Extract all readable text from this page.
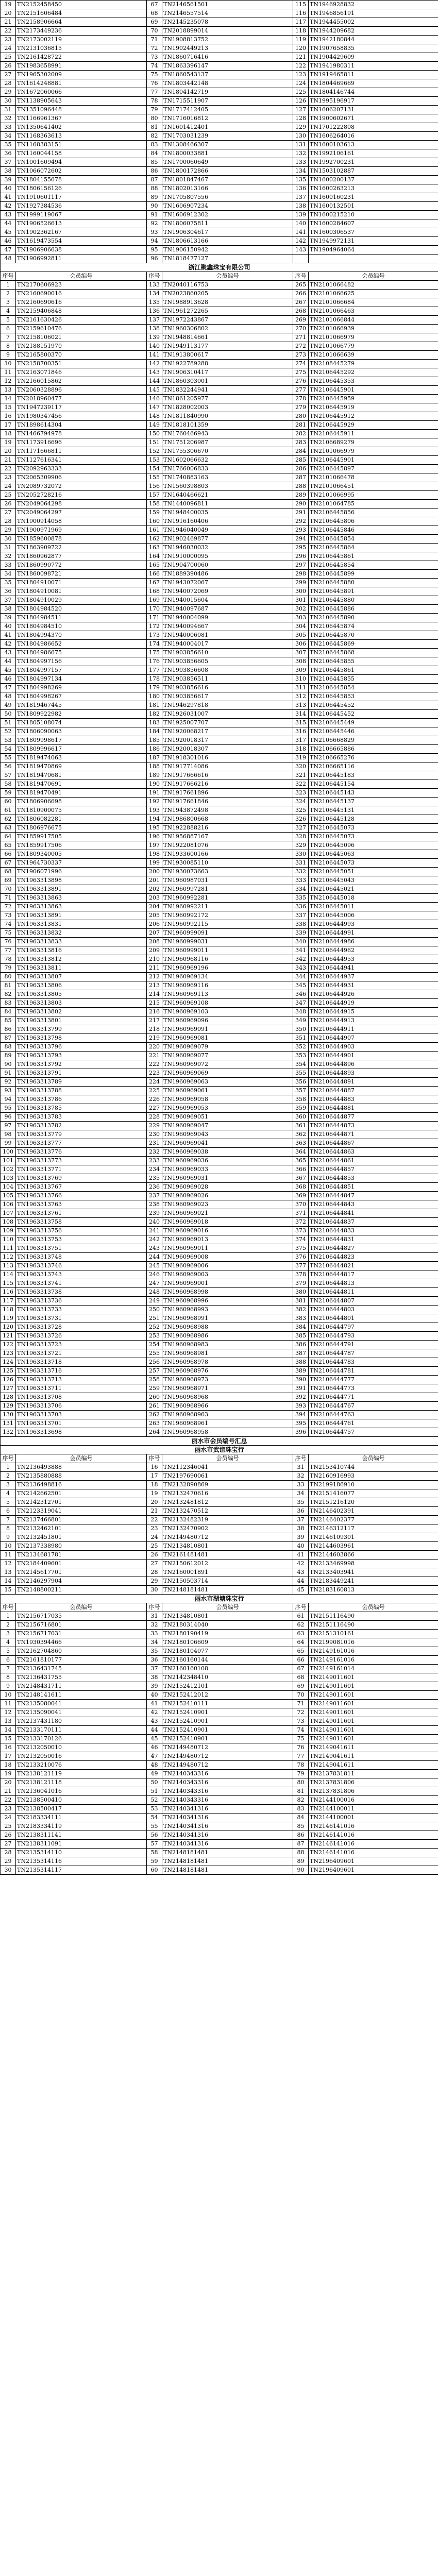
19	TN2152458450	67	TN2146561501	115	TN1946928832
20	TN2151606484	68	TN2146557514	116	TN1946856191
21	TN2158906664	69	TN2145235078	117	TN1944455002
22	TN2173449236	70	TN2018899014	118	TN1944209682
23	TN2173002119	71	TN1908813752	119	TN1942180844
24	TN2131036815	72	TN1902449213	120	TN1907658835
25	TN2161428722	73	TN1860716416	121	TN1904429609
26	TN1983658991	74	TN1863396147	122	TN1941980311
27	TN1965302009	75	TN1860543137	123	TN1919465811
28	TN1614248881	76	TN1803442148	124	TN1804469669
29	TN1672060066	77	TN1804142719	125	TN1804146744
30	TN1138905643	78	TN1715511907	126	TN1995196917
31	TN1351096448	79	TN1717412405	127	TN1606207131
32	TN1166961367	80	TN1716016812	128	TN1900602671
33	TN1350641402	81	TN1601412401	129	TN1701222808
34	TN1168363613	82	TN1703031239	130	TN1606264016
35	TN1168383151	83	TN1308466307	131	TN1600103613
36	TN1160044158	84	TN1800033881	132	TN1992106161
37	TN1001609494	85	TN1700060649	133	TN1992700231
38	TN1066072602	86	TN1800172866	134	TN1503102887
39	TN1804155678	87	TN1801847467	135	TN1600200137
40	TN1806156126	88	TN1802013166	136	TN1600263213
41	TN1910601117	89	TN1705807556	137	TN1600160231
42	TN1927384536	90	TN1606907234	138	TN1600132501
43	TN1999119067	91	TN1606912302	139	TN1600215210
44	TN1906526613	92	TN1806075811	140	TN1600284607
45	TN1902362167	93	TN1906304617	141	TN1600306537
46	TN1619473554	94	TN1806613166	142	TN1949972131
47	TN1906906638	95	TN1906150942	143	TN1904964064
48	TN1906992811	96	TN1818477127		
浙江聚鑫珠宝有限公司					
序号	会员编号	序号	会员编号	序号	会员编号
1	TN2170606923	133	TN2040116753	265	TN2101066482
2	TN2160690016	134	TN2023860205	266	TN2101066625
3	TN2160690616	135	TN1988913628	267	TN2101066684
4	TN2159406848	136	TN1961272265	268	TN2101066463
5	TN2161630426	137	TN1972243867	269	TN2101066844
6	TN2159610476	138	TN1960306802	270	TN2101066939
7	TN2158106021	139	TN1948814661	271	TN2101066979
8	TN2188151970	140	TN1949113177	272	TN2101066779
9	TN2165800370	141	TN1913800617	273	TN2101066639
10	TN2158700351	142	TN1922789288	274	TN2108445279
11	TN2163071846	143	TN1906310417	275	TN2106445292
12	TN2166015862	144	TN1860303001	276	TN2106445353
13	TN2060328896	145	TN1832244941	277	TN2106445901
14	TN2018960477	146	TN1861205977	278	TN2106445959
15	TN1947239117	147	TN1828002003	279	TN2106445919
16	TN1980347456	148	TN1811840990	280	TN2106445912
17	TN1898614304	149	TN1818101359	281	TN2106445929
18	TN1466794978	150	TN1760466943	282	TN2106445911
19	TN1173916696	151	TN1751206987	283	TN2106689279
20	TN1171666811	152	TN1755306670	284	TN2101066979
21	TN1127616341	153	TN1602066632	285	TN2106445901
22	TN2092963333	154	TN1766006833	286	TN2106445897
23	TN2065309906	155	TN1740883163	287	TN2101066478
24	TN2089732072	156	TN1560398803	288	TN2101066451
25	TN2052728216	157	TN1640466621	289	TN2101066995
26	TN2049064298	158	TN1440096811	290	TN2101064785
27	TN2049064297	159	TN1948400035	291	TN2106445856
28	TN1900914058	160	TN1916160406	292	TN2106445806
29	TN1900971969	161	TN1946040049	293	TN2106445846
30	TN1859600878	162	TN1902469877	294	TN2106445854
31	TN1863909722	163	TN1946030032	295	TN2106445864
32	TN1860962877	164	TN1910000095	296	TN2106445861
33	TN1860990772	165	TN1904700060	297	TN2106445854
34	TN1860098721	166	TN1889390486	298	TN2106445899
35	TN1804910071	167	TN1943072067	299	TN2106445880
36	TN1804910081	168	TN1940072069	300	TN2106445891
37	TN1804910029	169	TN1940015604	301	TN2106445880
38	TN1804984520	170	TN1940097687	302	TN2106445886
39	TN1804984511	171	TN1940004099	303	TN2106445890
40	TN1804984510	172	TN1940094667	304	TN2106445874
41	TN1804994370	173	TN1940006081	305	TN2106445870
42	TN1804986652	174	TN1940004017	306	TN2106445869
43	TN1804986675	175	TN1903856610	307	TN2106445868
44	TN1804997156	176	TN1903856605	308	TN2106445855
45	TN1804997157	177	TN1903856608	309	TN2106445861
46	TN1804997134	178	TN1903856511	310	TN2106445855
47	TN1804998269	179	TN1903856616	311	TN2106445854
48	TN1804998267	180	TN1903856617	312	TN2106445853
49	TN1819467445	181	TN1946297818	313	TN2106445452
50	TN1809922982	182	TN1926031007	314	TN2106445452
51	TN1805108074	183	TN1925007707	315	TN2106445449
52	TN1806090063	184	TN1920068217	316	TN2106445446
53	TN1809998617	185	TN1920018317	317	TN2106668829
54	TN1809996617	186	TN1920018307	318	TN2106665886
55	TN1819474063	187	TN1918301016	319	TN2106665276
56	TN1819470869	188	TN1917714086	320	TN2106665116
57	TN1819470681	189	TN1917666616	321	TN2106445183
58	TN1819470691	190	TN1917666216	322	TN2106445154
59	TN1819470491	191	TN1917661896	323	TN2106445143
60	TN1806906698	192	TN1917661846	324	TN2106445137
61	TN1810900075	193	TN1943872498	325	TN2106445131
62	TN1806082281	194	TN1986800668	326	TN2106445128
63	TN1806976675	195	TN1922888216	327	TN2106445073
64	TN1859917505	196	TN1956887167	328	TN2106445073
65	TN1859917506	197	TN1922081076	329	TN2106445096
66	TN1809340005	198	TN1933600166	330	TN2106445063
67	TN1964730337	199	TN1930085110	331	TN2106445073
68	TN1906071996	200	TN1930073663	332	TN2106445051
69	TN1963313898	201	TN1960987031	333	TN2106445043
70	TN1963313891	202	TN1960997281	334	TN2106445021
71	TN1963313863	203	TN1960992281	335	TN2106445018
72	TN1963313863	204	TN1960992211	336	TN2106445011
73	TN1963313891	205	TN1960992172	337	TN2106445006
74	TN1963313831	206	TN1960992115	338	TN2106444993
75	TN1963313832	207	TN1960999091	339	TN2106444991
76	TN1963313833	208	TN1960999031	340	TN2106444986
77	TN1963313816	209	TN1960999011	341	TN2106444962
78	TN1963313812	210	TN1960968116	342	TN2106444953
79	TN1963313811	211	TN1960969196	343	TN2106444941
80	TN1963313807	212	TN1960969134	344	TN2106444937
81	TN1963313806	213	TN1960969116	345	TN2106444931
82	TN1963313805	214	TN1960969113	346	TN2106444926
83	TN1963313803	215	TN1960969108	347	TN2106444919
84	TN1963313802	216	TN1960969103	348	TN2106444915
85	TN1963313801	217	TN1960969096	349	TN2106444913
86	TN1963313799	218	TN1960969091	350	TN2106444911
87	TN1963313798	219	TN1960969081	351	TN2106444907
88	TN1963313796	220	TN1960969079	352	TN2106444903
89	TN1963313793	221	TN1960969077	353	TN2106444901
90	TN1963313792	222	TN1960969072	354	TN2106444896
91	TN1963313791	223	TN1960969069	355	TN2106444893
92	TN1963313789	224	TN1960969063	356	TN2106444891
93	TN1963313788	225	TN1960969061	357	TN2106444887
94	TN1963313786	226	TN1960969058	358	TN2106444883
95	TN1963313785	227	TN1960969053	359	TN2106444881
96	TN1963313783	228	TN1960969051	360	TN2106444877
97	TN1963313782	229	TN1960969047	361	TN2106444873
98	TN1963313779	230	TN1960969043	362	TN2106444871
99	TN1963313777	231	TN1960969041	363	TN2106444867
100	TN1963313776	232	TN1960969038	364	TN2106444863
101	TN1963313773	233	TN1960969036	365	TN2106444861
102	TN1963313771	234	TN1960969033	366	TN2106444857
103	TN1963313769	235	TN1960969031	367	TN2106444853
104	TN1963313767	236	TN1960969028	368	TN2106444851
105	TN1963313766	237	TN1960969026	369	TN2106444847
106	TN1963313763	238	TN1960969023	370	TN2106444843
107	TN1963313761	239	TN1960969021	371	TN2106444841
108	TN1963313758	240	TN1960969018	372	TN2106444837
109	TN1963313756	241	TN1960969016	373	TN2106444833
110	TN1963313753	242	TN1960969013	374	TN2106444831
111	TN1963313751	243	TN1960969011	375	TN2106444827
112	TN1963313748	244	TN1960969008	376	TN2106444823
113	TN1963313746	245	TN1960969006	377	TN2106444821
114	TN1963313743	246	TN1960969003	378	TN2106444817
115	TN1963313741	247	TN1960969001	379	TN2106444813
116	TN1963313738	248	TN1960968998	380	TN2106444811
117	TN1963313736	249	TN1960968996	381	TN2106444807
118	TN1963313733	250	TN1960968993	382	TN2106444803
119	TN1963313731	251	TN1960968991	383	TN2106444801
120	TN1963313728	252	TN1960968988	384	TN2106444797
121	TN1963313726	253	TN1960968986	385	TN2106444793
122	TN1963313723	254	TN1960968983	386	TN2106444791
123	TN1963313721	255	TN1960968981	387	TN2106444787
124	TN1963313718	256	TN1960968978	388	TN2106444783
125	TN1963313716	257	TN1960968976	389	TN2106444781
126	TN1963313713	258	TN1960968973	390	TN2106444777
127	TN1963313711	259	TN1960968971	391	TN2106444773
128	TN1963313708	260	TN1960968968	392	TN2106444771
129	TN1963313706	261	TN1960968966	393	TN2106444767
130	TN1963313703	262	TN1960968963	394	TN2106444763
131	TN1963313701	263	TN1960968961	395	TN2106444761
132	TN1963313698	264	TN1960968958	396	TN2106444757
丽水市会员编号汇总					
丽水市武谊珠宝行					
序号	会员编号	序号	会员编号	序号	会员编号
1	TN2136493888	16	TN2112346041	31	TN2153410744
2	TN2135880888	17	TN2197690061	32	TN2160916993
3	TN2136498816	18	TN2132890869	33	TN2199186910
4	TN2142662501	19	TN2132470616	34	TN2151416077
5	TN2142312701	20	TN2132481812	35	TN2151216120
6	TN2123319041	21	TN2132470512	36	TN2146402391
7	TN2137466801	22	TN2132482319	37	TN2146402377
8	TN2132462101	23	TN2132470902	38	TN2146312117
9	TN2132451801	24	TN2149480712	39	TN2146109301
10	TN2137338980	25	TN2134810801	40	TN2144603961
11	TN2134681781	26	TN2161481481	41	TN2144603866
12	TN2184409601	27	TN2150612012	42	TN2133469998
13	TN2145617701	28	TN2160001891	43	TN2133403941
14	TN2146297904	29	TN2150503714	44	TN2183449241
15	TN2148800211	30	TN2148181481	45	TN2183160813
丽水市湖塘珠宝行					
序号	会员编号	序号	会员编号	序号	会员编号
1	TN2156717035	31	TN2134810801	61	TN2151116490
2	TN2156716801	32	TN2180314040	62	TN2151116490
3	TN2156717031	33	TN2180190419	63	TN2151310161
4	TN1930394466	34	TN2180106609	64	TN2199081016
5	TN2162704860	35	TN2180104077	65	TN2149161016
6	TN2161810177	36	TN2160160144	66	TN2149161016
7	TN2136431745	37	TN2160160108	67	TN2149161014
8	TN2136431755	38	TN2142348410	68	TN2149011601
9	TN2148431711	39	TN2152412101	69	TN2149011601
10	TN2148141611	40	TN2152412012	70	TN2149011601
11	TN2135080041	41	TN2152410111	71	TN2149011601
12	TN2135090041	42	TN2152410901	72	TN2149011601
13	TN2137431180	43	TN2152410901	73	TN2149011601
14	TN2133170111	44	TN2152410901	74	TN2149011601
15	TN2133170126	45	TN2152410901	75	TN2149011601
16	TN2132050010	46	TN2149480712	76	TN2149041611
17	TN2132050016	47	TN2149480712	77	TN2149041611
18	TN2133210076	48	TN2149480712	78	TN2149041611
19	TN2138121119	49	TN2140343316	79	TN2137831811
20	TN2138121118	50	TN2140343316	80	TN2137831806
21	TN2136041016	51	TN2140343316	81	TN2137831806
22	TN2138500410	52	TN2140343316	82	TN2144100016
23	TN2138500417	53	TN2140341316	83	TN2144100011
24	TN2183334111	54	TN2140341316	84	TN2144100001
25	TN2183334119	55	TN2140341316	85	TN2146141016
26	TN2138311141	56	TN2140341316	86	TN2146141016
27	TN2138311091	57	TN2140341316	87	TN2146141016
28	TN2135314110	58	TN2148181481	88	TN2146141016
29	TN2135314116	59	TN2148181481	89	TN2196409601
30	TN2135314117	60	TN2148181481	90	TN2196409601
